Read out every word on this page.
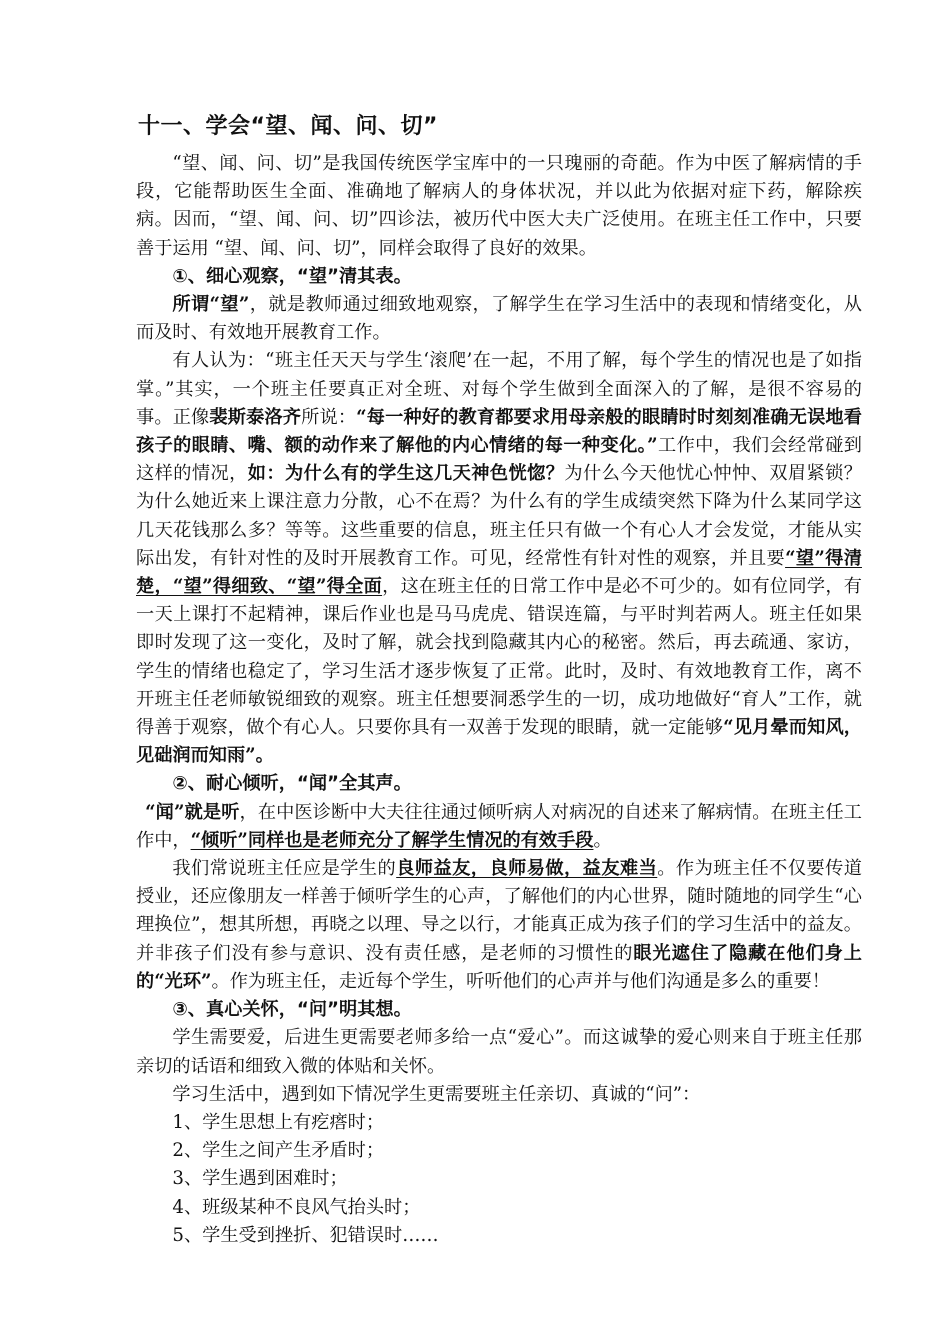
十一、学会“望、闻、问、切”

“望、闻、问、切”是我国传统医学宝库中的一只瑰丽的奇葩。作为中医了解病情的手段，它能帮助医生全面、准确地了解病人的身体状况，并以此为依据对症下药，解除疾病。因而，“望、闻、问、切”四诊法，被历代中医大夫广泛使用。在班主任工作中，只要善于运用 “望、闻、问、切”，同样会取得了良好的效果。

①、细心观察，“望”清其表。

所谓“望”，就是教师通过细致地观察，了解学生在学习生活中的表现和情绪变化，从而及时、有效地开展教育工作。

有人认为：“班主任天天与学生‘滚爬’在一起，不用了解，每个学生的情况也是了如指掌。”其实，一个班主任要真正对全班、对每个学生做到全面深入的了解，是很不容易的事。正像裴斯泰洛齐所说：“每一种好的教育都要求用母亲般的眼睛时时刻刻准确无误地看孩子的眼睛、嘴、额的动作来了解他的内心情绪的每一种变化。”工作中，我们会经常碰到这样的情况，如：为什么有的学生这几天神色恍惚？为什么今天他忧心忡忡、双眉紧锁？为什么她近来上课注意力分散，心不在焉？为什么有的学生成绩突然下降为什么某同学这几天花钱那么多？等等。这些重要的信息，班主任只有做一个有心人才会发觉，才能从实际出发，有针对性的及时开展教育工作。可见，经常性有针对性的观察，并且要“望”得清楚，“望”得细致、“望”得全面，这在班主任的日常工作中是必不可少的。如有位同学，有一天上课打不起精神，课后作业也是马马虎虎、错误连篇，与平时判若两人。班主任如果即时发现了这一变化，及时了解，就会找到隐藏其内心的秘密。然后，再去疏通、家访，学生的情绪也稳定了，学习生活才逐步恢复了正常。此时，及时、有效地教育工作，离不开班主任老师敏锐细致的观察。班主任想要洞悉学生的一切，成功地做好“育人”工作，就得善于观察，做个有心人。只要你具有一双善于发现的眼睛，就一定能够“见月晕而知风，见础润而知雨”。

②、耐心倾听，“闻”全其声。

“闻”就是听，在中医诊断中大夫往往通过倾听病人对病况的自述来了解病情。在班主任工作中，“倾听”同样也是老师充分了解学生情况的有效手段。

我们常说班主任应是学生的良师益友，良师易做，益友难当。作为班主任不仅要传道授业，还应像朋友一样善于倾听学生的心声，了解他们的内心世界，随时随地的同学生“心理换位”，想其所想，再晓之以理、导之以行，才能真正成为孩子们的学习生活中的益友。并非孩子们没有参与意识、没有责任感，是老师的习惯性的眼光遮住了隐藏在他们身上的“光环”。作为班主任，走近每个学生，听听他们的心声并与他们沟通是多么的重要！

③、真心关怀，“问”明其想。

学生需要爱，后进生更需要老师多给一点“爱心”。而这诚挚的爱心则来自于班主任那亲切的话语和细致入微的体贴和关怀。

学习生活中，遇到如下情况学生更需要班主任亲切、真诚的“问”：

1、学生思想上有疙瘩时；

2、学生之间产生矛盾时；

3、学生遇到困难时；

4、班级某种不良风气抬头时；

5、学生受到挫折、犯错误时……
